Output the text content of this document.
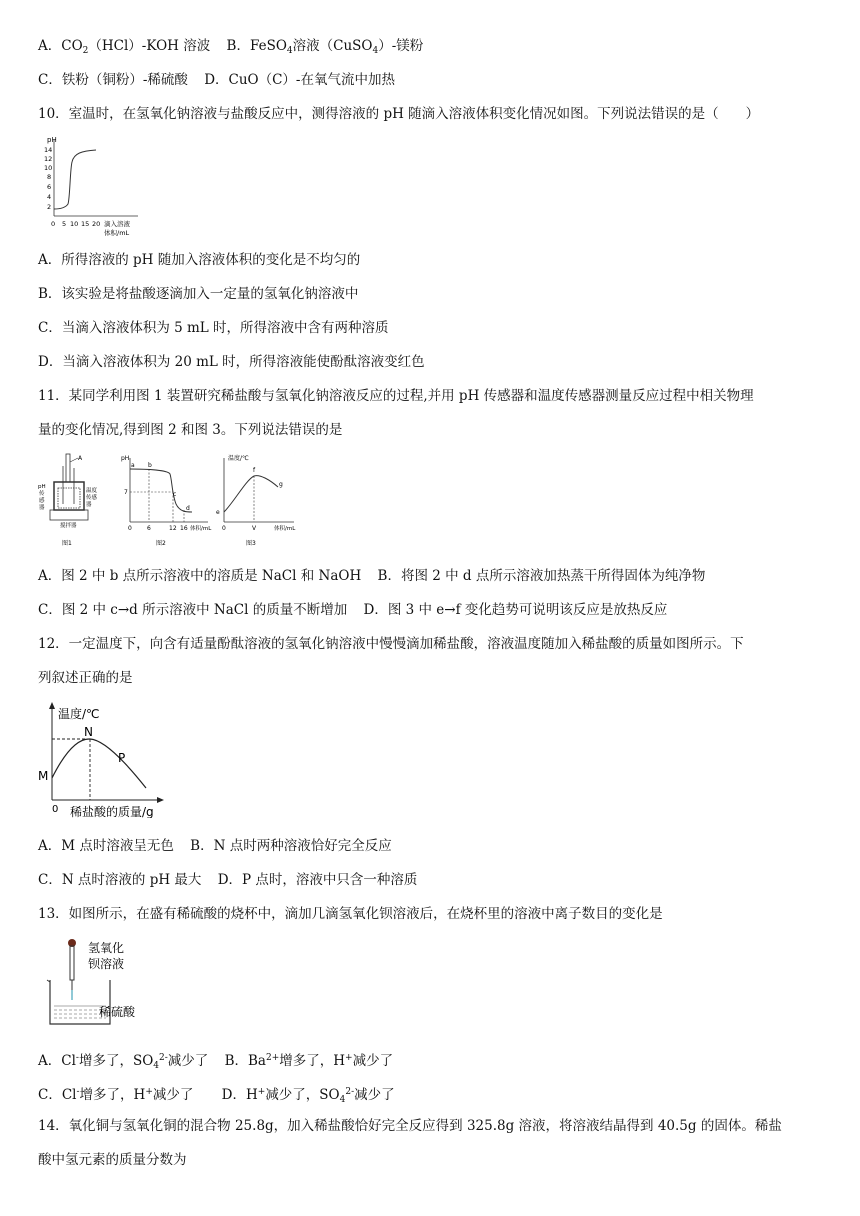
A．$CO_2(HCl)$-KOH 溶波 B．FeSO$_4$溶液（CuSO$_4$）-镁粉
C．铁粉（铜粉）-稀硫酸 D．CuO（C）-在氧气流中加热
10．室温时，在氢氧化钠溶液与盐酸反应中，测得溶液的 pH 随滴入溶液体积变化情况如图。下列说法错误的是（　　）
pH
14
12
10
8
6
4
2
0 5 10 15 20 滴入溶液
体积/mL
A．所得溶液的 pH 随加入溶液体积的变化是不均匀的
B．该实验是将盐酸逐滴加入一定量的氢氧化钠溶液中
C．当滴入溶液体积为 5 mL 时，所得溶液中含有两种溶质
D．当滴入溶液体积为 20 mL 时，所得溶液能使酚酞溶液变红色
11．某同学利用图 1 装置研究稀盐酸与氢氧化钠溶液反应的过程,并用 pH 传感器和温度传感器测量反应过程中相关物理
量的变化情况,得到图 2 和图 3。下列说法错误的是
A
pH
传
感
器
温度
传感
器
搅拌器
图1
pH
a b
c
d
7
0	6	12 16 体积/mL
图2
温度/℃
e
f
g
0	V	体积/mL
图3
A．图 2 中 b 点所示溶液中的溶质是 NaCl 和 NaOH B．将图 2 中 d 点所示溶液加热蒸干所得固体为纯净物
C．图 2 中 c→d 所示溶液中 NaCl 的质量不断增加 D．图 3 中 e→f 变化趋势可说明该反应是放热反应
12．一定温度下，向含有适量酚酞溶液的氢氧化钠溶液中慢慢滴加稀盐酸，溶液温度随加入稀盐酸的质量如图所示。下
列叙述正确的是
温度/℃
N
M
P
0 稀盐酸的质量/g
A．M 点时溶液呈无色 B．N 点时两种溶液恰好完全反应
C．N 点时溶液的 pH 最大 D．P 点时，溶液中只含一种溶质
13．如图所示，在盛有稀硫酸的烧杯中，滴加几滴氢氧化钡溶液后，在烧杯里的溶液中离子数目的变化是
氢氧化
钡溶液
稀硫酸
A．Cl-增多了，$SO_4^{2-}$减少了 B．$Ba^{2+}$增多了，H+减少了
C．Cl-增多了，H+减少了 D．H+减少了，$SO_4^{2-}$减少了
14．氧化铜与氢氧化铜的混合物 25.8g，加入稀盐酸恰好完全反应得到 325.8g 溶液，将溶液结晶得到 40.5g 的固体。稀盐
酸中氢元素的质量分数为
